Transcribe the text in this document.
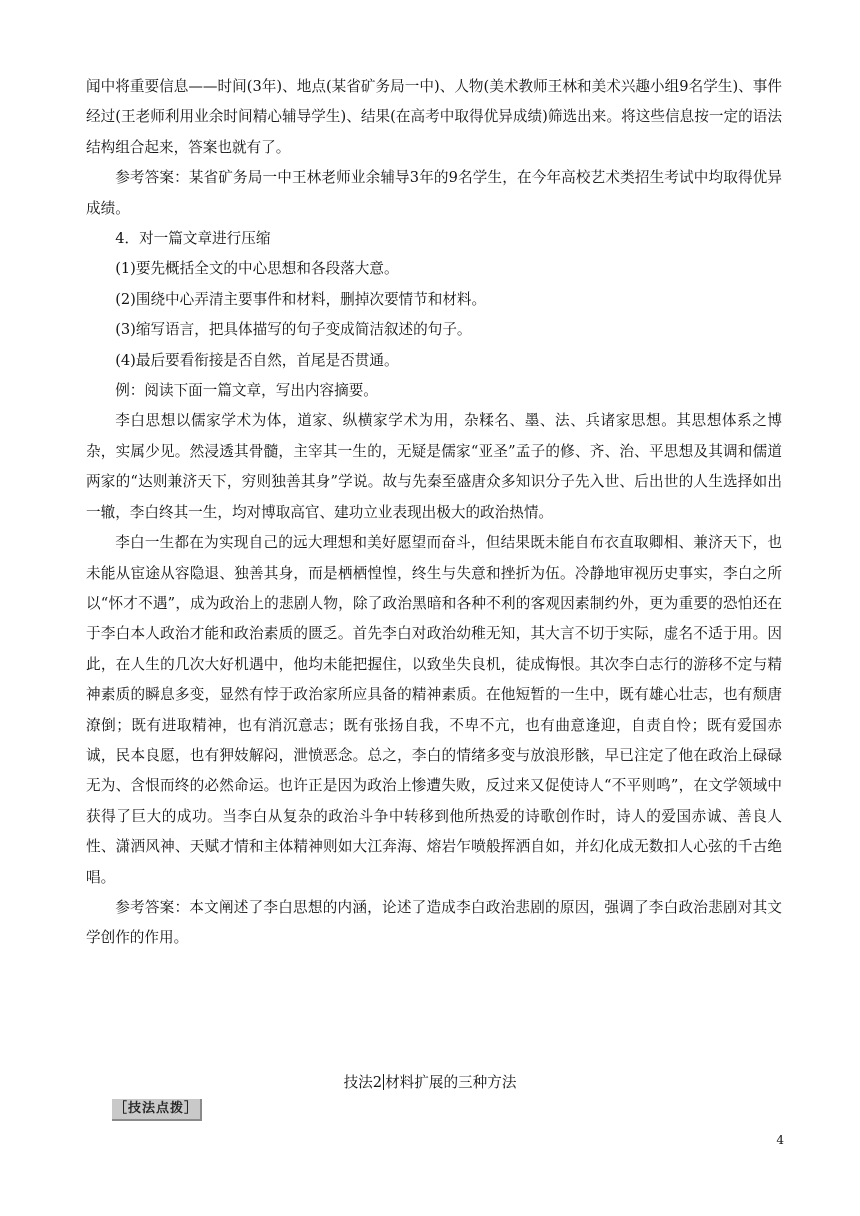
闻中将重要信息——时间(3年)、地点(某省矿务局一中)、人物(美术教师王林和美术兴趣小组9名学生)、事件经过(王老师利用业余时间精心辅导学生)、结果(在高考中取得优异成绩)筛选出来。将这些信息按一定的语法结构组合起来，答案也就有了。

参考答案：某省矿务局一中王林老师业余辅导3年的9名学生，在今年高校艺术类招生考试中均取得优异成绩。

4．对一篇文章进行压缩

(1)要先概括全文的中心思想和各段落大意。

(2)围绕中心弄清主要事件和材料，删掉次要情节和材料。

(3)缩写语言，把具体描写的句子变成简洁叙述的句子。

(4)最后要看衔接是否自然，首尾是否贯通。

例：阅读下面一篇文章，写出内容摘要。

李白思想以儒家学术为体，道家、纵横家学术为用，杂糅名、墨、法、兵诸家思想。其思想体系之博杂，实属少见。然浸透其骨髓，主宰其一生的，无疑是儒家“亚圣”孟子的修、齐、治、平思想及其调和儒道两家的“达则兼济天下，穷则独善其身”学说。故与先秦至盛唐众多知识分子先入世、后出世的人生选择如出一辙，李白终其一生，均对博取高官、建功立业表现出极大的政治热情。

李白一生都在为实现自己的远大理想和美好愿望而奋斗，但结果既未能自布衣直取卿相、兼济天下，也未能从宦途从容隐退、独善其身，而是栖栖惶惶，终生与失意和挫折为伍。冷静地审视历史事实，李白之所以“怀才不遇”，成为政治上的悲剧人物，除了政治黑暗和各种不利的客观因素制约外，更为重要的恐怕还在于李白本人政治才能和政治素质的匮乏。首先李白对政治幼稚无知，其大言不切于实际，虚名不适于用。因此，在人生的几次大好机遇中，他均未能把握住，以致坐失良机，徒成悔恨。其次李白志行的游移不定与精神素质的瞬息多变，显然有悖于政治家所应具备的精神素质。在他短暂的一生中，既有雄心壮志，也有颓唐潦倒；既有进取精神，也有消沉意志；既有张扬自我，不卑不亢，也有曲意逢迎，自责自怜；既有爱国赤诚，民本良愿，也有狎妓解闷，泄愤恶念。总之，李白的情绪多变与放浪形骸，早已注定了他在政治上碌碌无为、含恨而终的必然命运。也许正是因为政治上惨遭失败，反过来又促使诗人“不平则鸣”，在文学领域中获得了巨大的成功。当李白从复杂的政治斗争中转移到他所热爱的诗歌创作时，诗人的爱国赤诚、善良人性、潇洒风神、天赋才情和主体精神则如大江奔海、熔岩乍喷般挥洒自如，并幻化成无数扣人心弦的千古绝唱。

参考答案：本文阐述了李白思想的内涵，论述了造成李白政治悲剧的原因，强调了李白政治悲剧对其文学创作的作用。

技法2 材料扩展的三种方法
［技法点拨］
4
